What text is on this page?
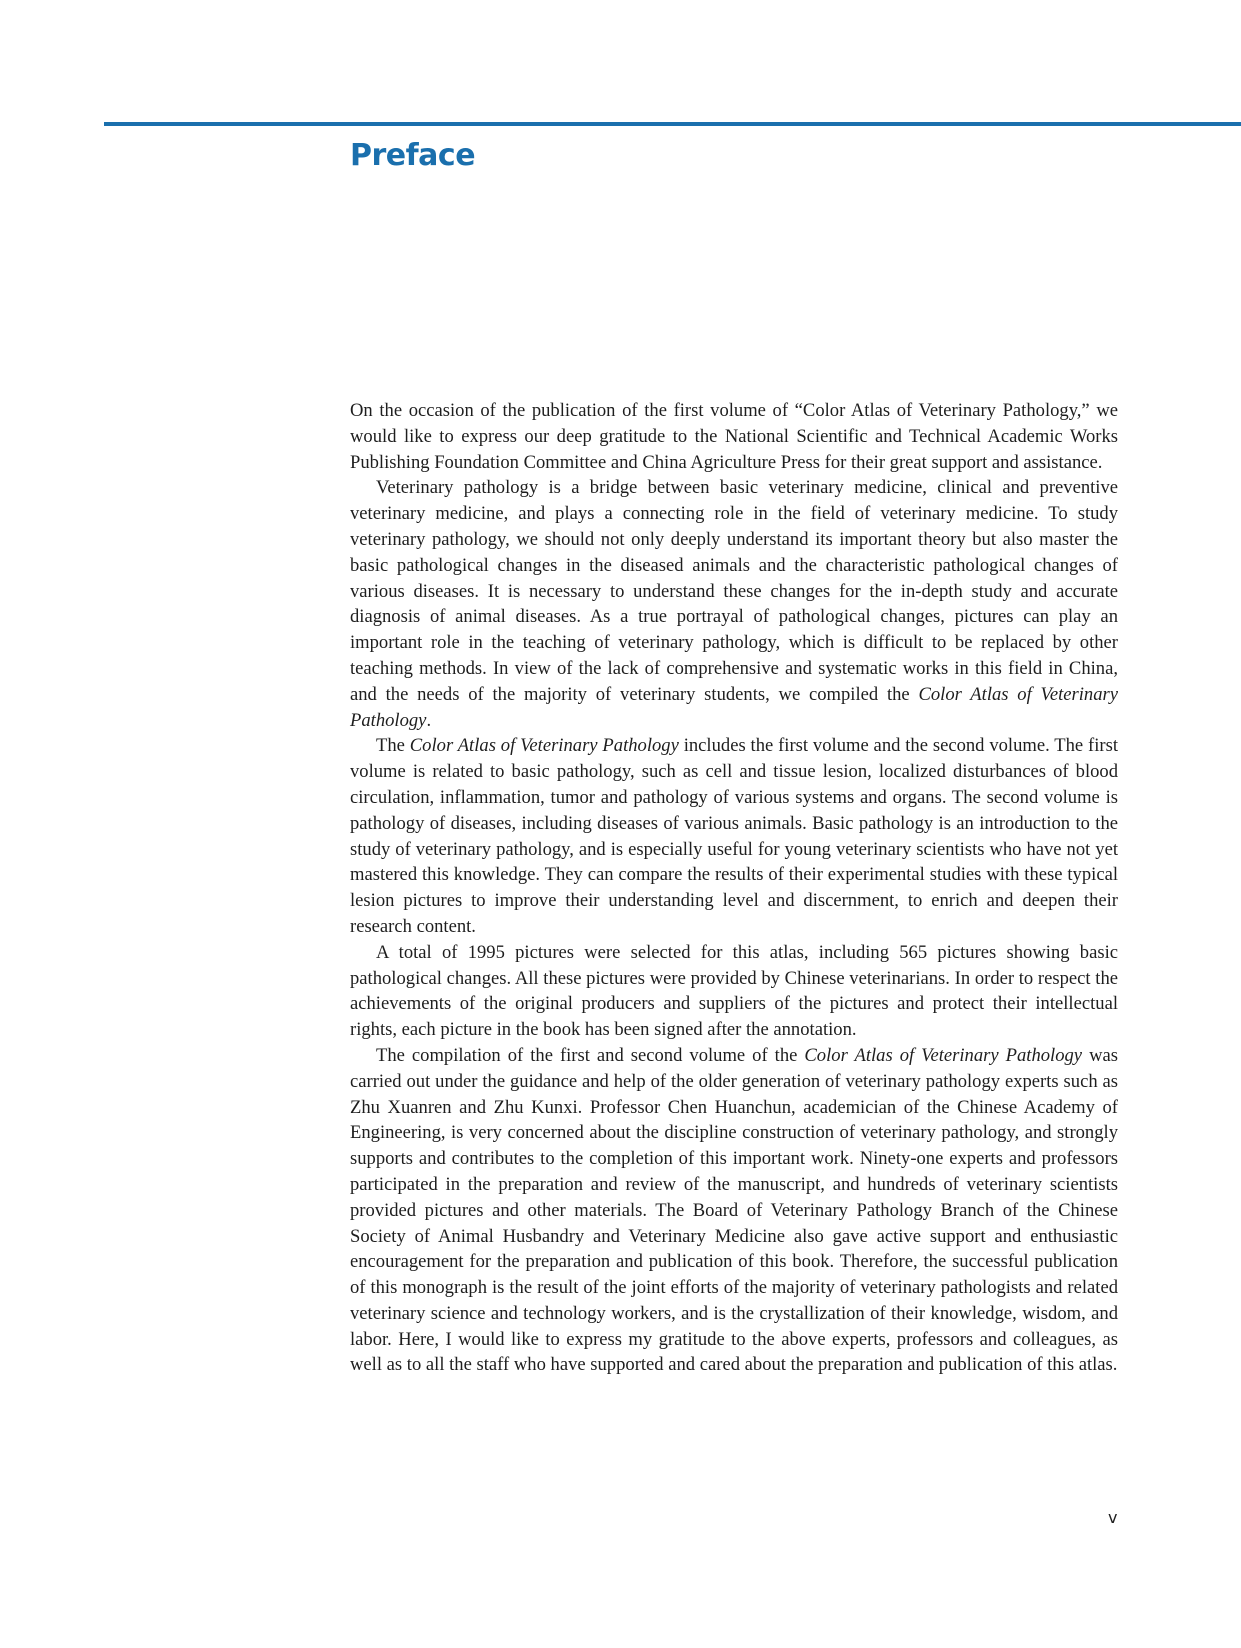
Preface

On the occasion of the publication of the first volume of “Color Atlas of Veterinary Pathology,” we would like to express our deep gratitude to the National Scientific and Technical Academic Works Publishing Foundation Committee and China Agriculture Press for their great support and assistance.

Veterinary pathology is a bridge between basic veterinary medicine, clinical and preventive veterinary medicine, and plays a connecting role in the field of veterinary medicine. To study veterinary pathology, we should not only deeply understand its important theory but also master the basic pathological changes in the diseased animals and the characteristic pathological changes of various diseases. It is necessary to understand these changes for the in-depth study and accurate diagnosis of animal diseases. As a true portrayal of pathological changes, pictures can play an important role in the teaching of veterinary pathology, which is difficult to be replaced by other teaching methods. In view of the lack of comprehensive and systematic works in this field in China, and the needs of the majority of veterinary students, we compiled the Color Atlas of Veterinary Pathology.

The Color Atlas of Veterinary Pathology includes the first volume and the second volume. The first volume is related to basic pathology, such as cell and tissue lesion, localized disturbances of blood circulation, inflammation, tumor and pathology of various systems and organs. The second volume is pathology of diseases, including diseases of various animals. Basic pathology is an introduction to the study of veterinary pathology, and is especially useful for young veterinary scientists who have not yet mastered this knowledge. They can compare the results of their experimental studies with these typical lesion pictures to improve their understanding level and discernment, to enrich and deepen their research content.

A total of 1995 pictures were selected for this atlas, including 565 pictures showing basic pathological changes. All these pictures were provided by Chinese veterinarians. In order to respect the achievements of the original producers and suppliers of the pictures and protect their intellectual rights, each picture in the book has been signed after the annotation.

The compilation of the first and second volume of the Color Atlas of Veterinary Pathology was carried out under the guidance and help of the older generation of veterinary pathology experts such as Zhu Xuanren and Zhu Kunxi. Professor Chen Huanchun, academician of the Chinese Academy of Engineering, is very concerned about the discipline construction of veterinary pathology, and strongly supports and contributes to the completion of this important work. Ninety-one experts and professors participated in the preparation and review of the manuscript, and hundreds of veterinary scientists provided pictures and other materials. The Board of Veterinary Pathology Branch of the Chinese Society of Animal Husbandry and Veterinary Medicine also gave active support and enthusiastic encouragement for the preparation and publication of this book. Therefore, the successful publication of this monograph is the result of the joint efforts of the majority of veterinary pathologists and related veterinary science and technology workers, and is the crystallization of their knowledge, wisdom, and labor. Here, I would like to express my gratitude to the above experts, professors and colleagues, as well as to all the staff who have supported and cared about the preparation and publication of this atlas.

v
